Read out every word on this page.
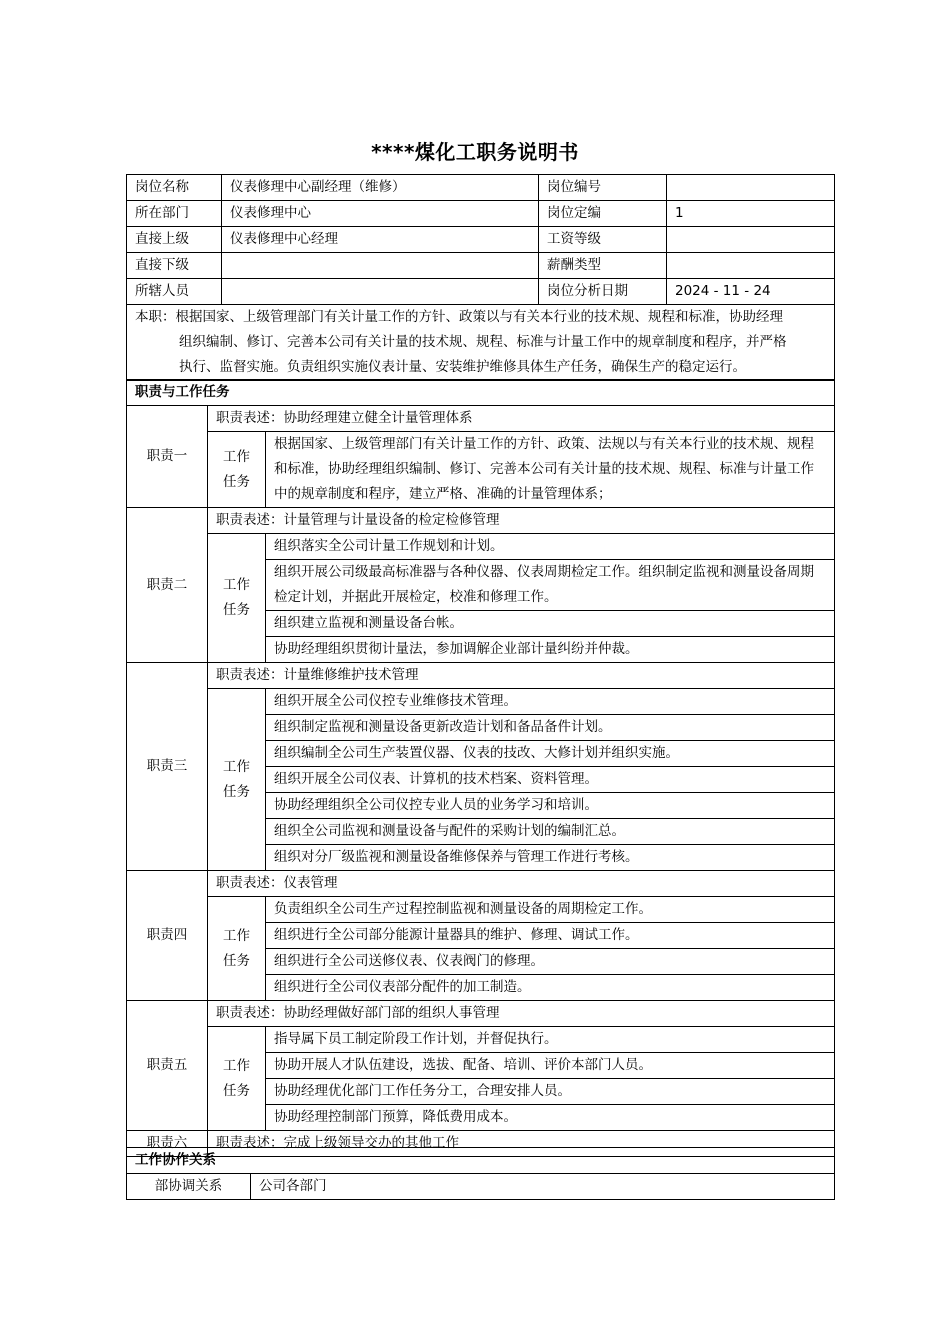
****煤化工职务说明书
岗位名称	仪表修理中心副经理（维修）	岗位编号	
所在部门	仪表修理中心	岗位定编	1
直接上级	仪表修理中心经理	工资等级	
直接下级		薪酬类型	
所辖人员		岗位分析日期	2024 - 11 - 24

本职：根据国家、上级管理部门有关计量工作的方针、政策以与有关本行业的技术规、规程和标准，协助经理
组织编制、修订、完善本公司有关计量的技术规、规程、标准与计量工作中的规章制度和程序，并严格
执行、监督实施。负责组织实施仪表计量、安装维护维修具体生产任务，确保生产的稳定运行。			
职责与工作任务		
职责一	职责表述：协助经理建立健全计量管理体系	

	工作
任务	根据国家、上级管理部门有关计量工作的方针、政策、法规以与有关本行业的技术规、规程和标准，协助经理组织编制、修订、完善本公司有关计量的技术规、规程、标准与计量工作中的规章制度和程序，建立严格、准确的计量管理体系；
职责二	职责表述：计量管理与计量设备的检定检修管理	

	工作
任务	组织落实全公司计量工作规划和计划。
		组织开展公司级最高标准器与各种仪器、仪表周期检定工作。组织制定监视和测量设备周期检定计划，并据此开展检定，校准和修理工作。
		组织建立监视和测量设备台帐。
		协助经理组织贯彻计量法，参加调解企业部计量纠纷并仲裁。
职责三	职责表述：计量维修维护技术管理	

	工作
任务	组织开展全公司仪控专业维修技术管理。
		组织制定监视和测量设备更新改造计划和备品备件计划。
		组织编制全公司生产装置仪器、仪表的技改、大修计划并组织实施。
		组织开展全公司仪表、计算机的技术档案、资料管理。
		协助经理组织全公司仪控专业人员的业务学习和培训。
		组织全公司监视和测量设备与配件的采购计划的编制汇总。
		组织对分厂级监视和测量设备维修保养与管理工作进行考核。
职责四	职责表述：仪表管理	

	工作
任务	负责组织全公司生产过程控制监视和测量设备的周期检定工作。
		组织进行全公司部分能源计量器具的维护、修理、调试工作。
		组织进行全公司送修仪表、仪表阀门的修理。
		组织进行全公司仪表部分配件的加工制造。
职责五	职责表述：协助经理做好部门部的组织人事管理	

	工作
任务	指导属下员工制定阶段工作计划，并督促执行。
		协助开展人才队伍建设，选拔、配备、培训、评价本部门人员。
		协助经理优化部门工作任务分工，合理安排人员。
		协助经理控制部门预算，降低费用成本。
职责六	职责表述：完成上级领导交办的其他工作	
工作协作关系
部协调关系	公司各部门
